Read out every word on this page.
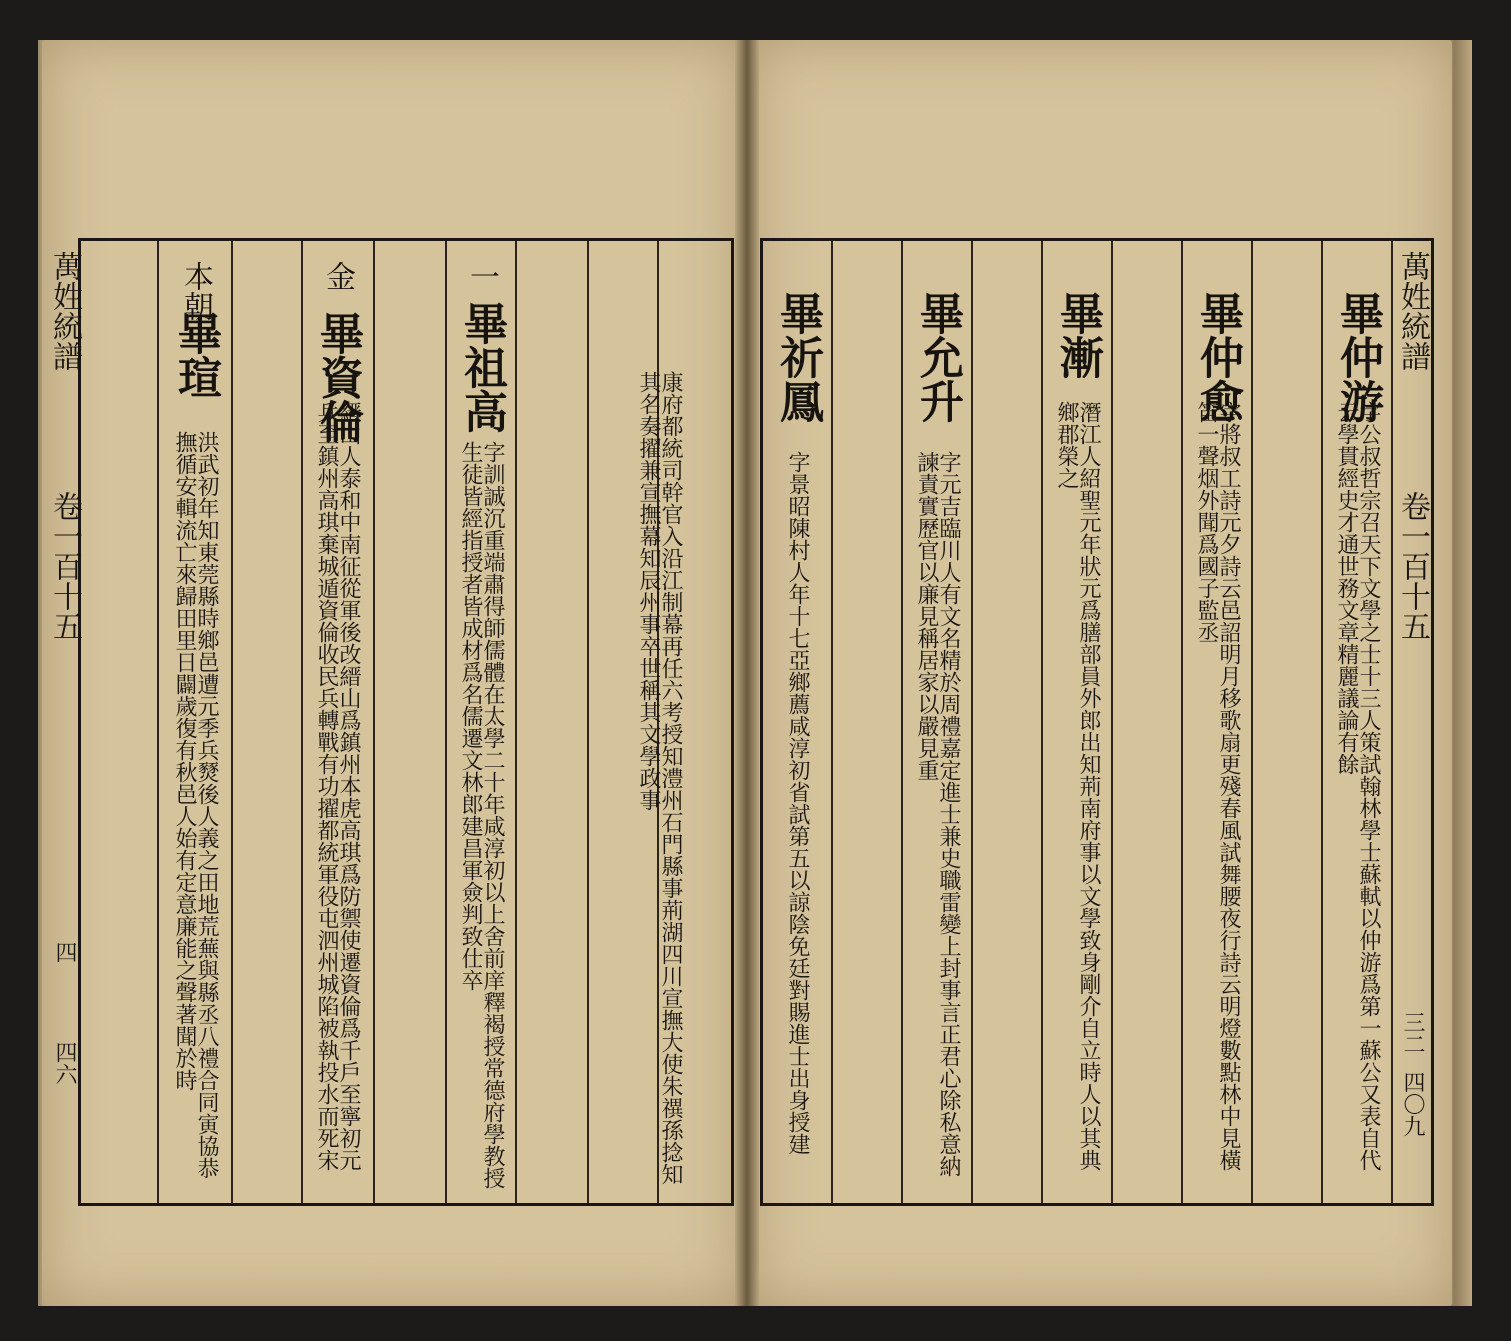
畢祈鳳
字景昭陳村人年十七亞鄉薦咸淳初省試第五以諒陰免廷對賜進士出身授建
畢允升
字元吉臨川人有文名精於周禮嘉定進士兼史職雷變上封事言正君心除私意納諫責實歷官以廉見稱居家以嚴見重
畢漸
潛江人紹聖元年狀元爲膳部員外郎出知荊南府事以文學致身剛介自立時人以其典鄉郡榮之
畢仲愈
字將叔工詩元夕詩云邑詔明月移歌扇更殘春風試舞腰夜行詩云明燈數點林中見橫笛一聲烟外聞爲國子監丞
畢仲游
字公叔哲宗召天下文學之士十三人策試翰林學士蘇軾以仲游爲第一蘇公又表自代云學貫經史才通世務文章精麗議論有餘
萬姓統譜
卷一百十五
三二
四〇九
萬姓統譜
卷一百十五
四
四六
本朝
畢瑄
洪武初年知東莞縣時鄉邑遭元季兵燹後人義之田地荒蕪與縣丞八禮合同寅協恭撫循安輯流亡來歸田里日闢歲復有秋邑人始有定意廉能之聲著聞於時
金
畢資倫
縉山人泰和中南征從軍後改縉山爲鎮州本虎高琪爲防禦使遷資倫爲千戶至寧初元兵至鎮州高琪棄城遁資倫收民兵轉戰有功擢都統軍役屯泗州城陷被執投水而死宋
一
畢祖高
字訓誠沉重端肅得師儒體在太學二十年咸淳初以上舍前庠釋褐授常德府學教授生徒皆經指授者皆成材爲名儒遷文林郎建昌軍僉判致仕卒	康府都統司幹官入沿江制幕再任六考授知澧州石門縣事荊湖四川宣撫大使朱禩孫捻知其名奏擢兼宣撫幕知辰州事卒世稱其文學政事
